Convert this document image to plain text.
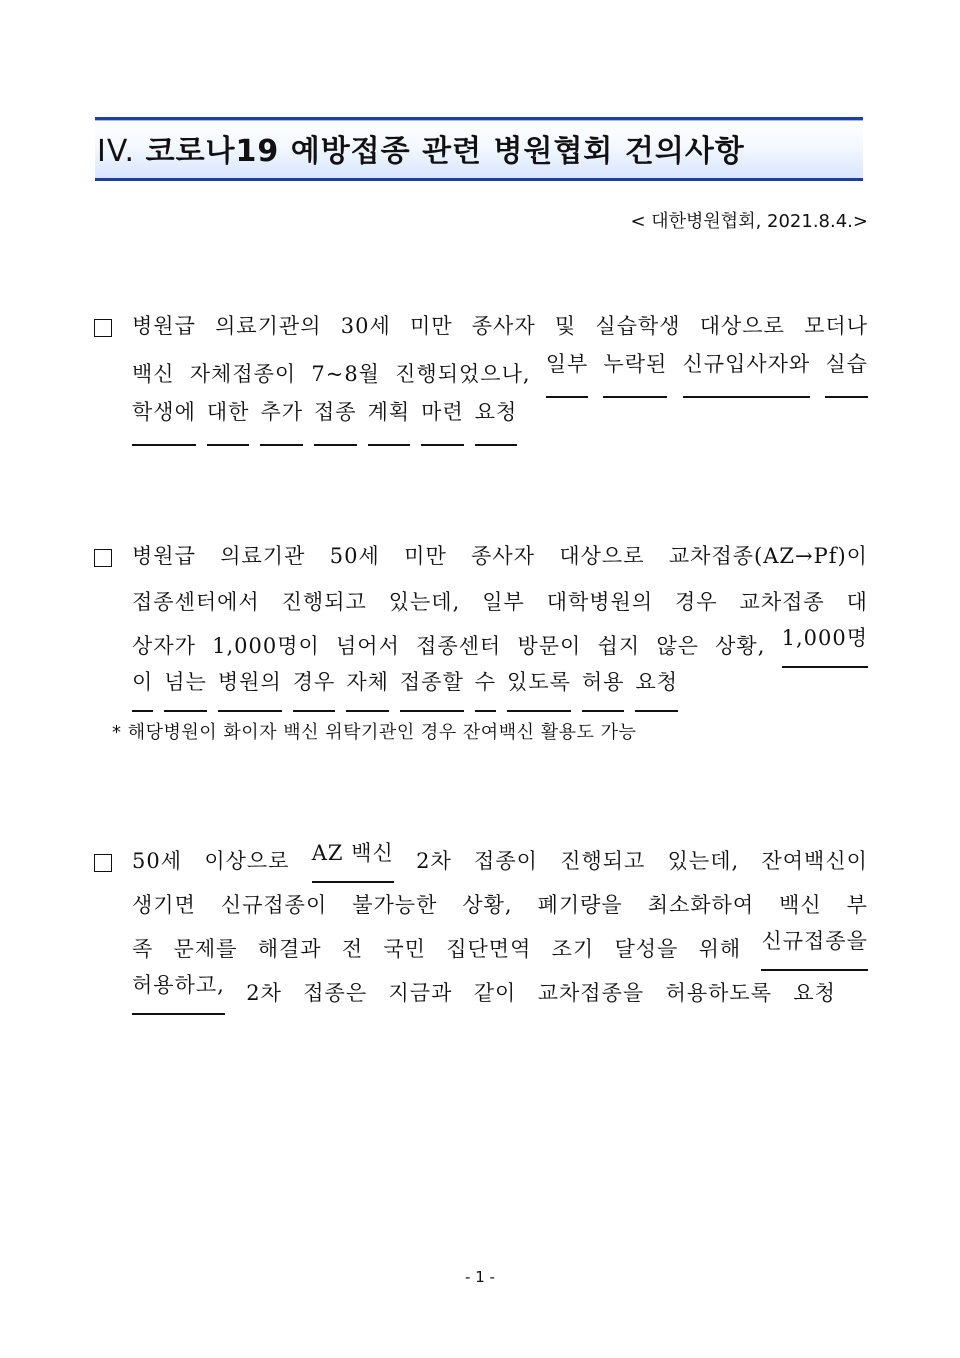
IV. 코로나19 예방접종 관련 병원협회 건의사항
< 대한병원협회, 2021.8.4.>
병원급 의료기관의 30세 미만 종사자 및 실습학생 대상으로 모더나
백신 자체접종이 7~8월 진행되었으나, 일부 누락된 신규입사자와 실습
학생에 대한 추가 접종 계획 마련 요청
병원급 의료기관 50세 미만 종사자 대상으로 교차접종(AZ→Pf)이
접종센터에서 진행되고 있는데, 일부 대학병원의 경우 교차접종 대
상자가 1,000명이 넘어서 접종센터 방문이 쉽지 않은 상황, 1,000명
이 넘는 병원의 경우 자체 접종할 수 있도록 허용 요청
* 해당병원이 화이자 백신 위탁기관인 경우 잔여백신 활용도 가능
50세 이상으로 AZ 백신 2차 접종이 진행되고 있는데, 잔여백신이
생기면 신규접종이 불가능한 상황, 폐기량을 최소화하여 백신 부
족 문제를 해결과 전 국민 집단면역 조기 달성을 위해 신규접종을
허용하고, 2차 접종은 지금과 같이 교차접종을 허용하도록 요청
- 1 -
